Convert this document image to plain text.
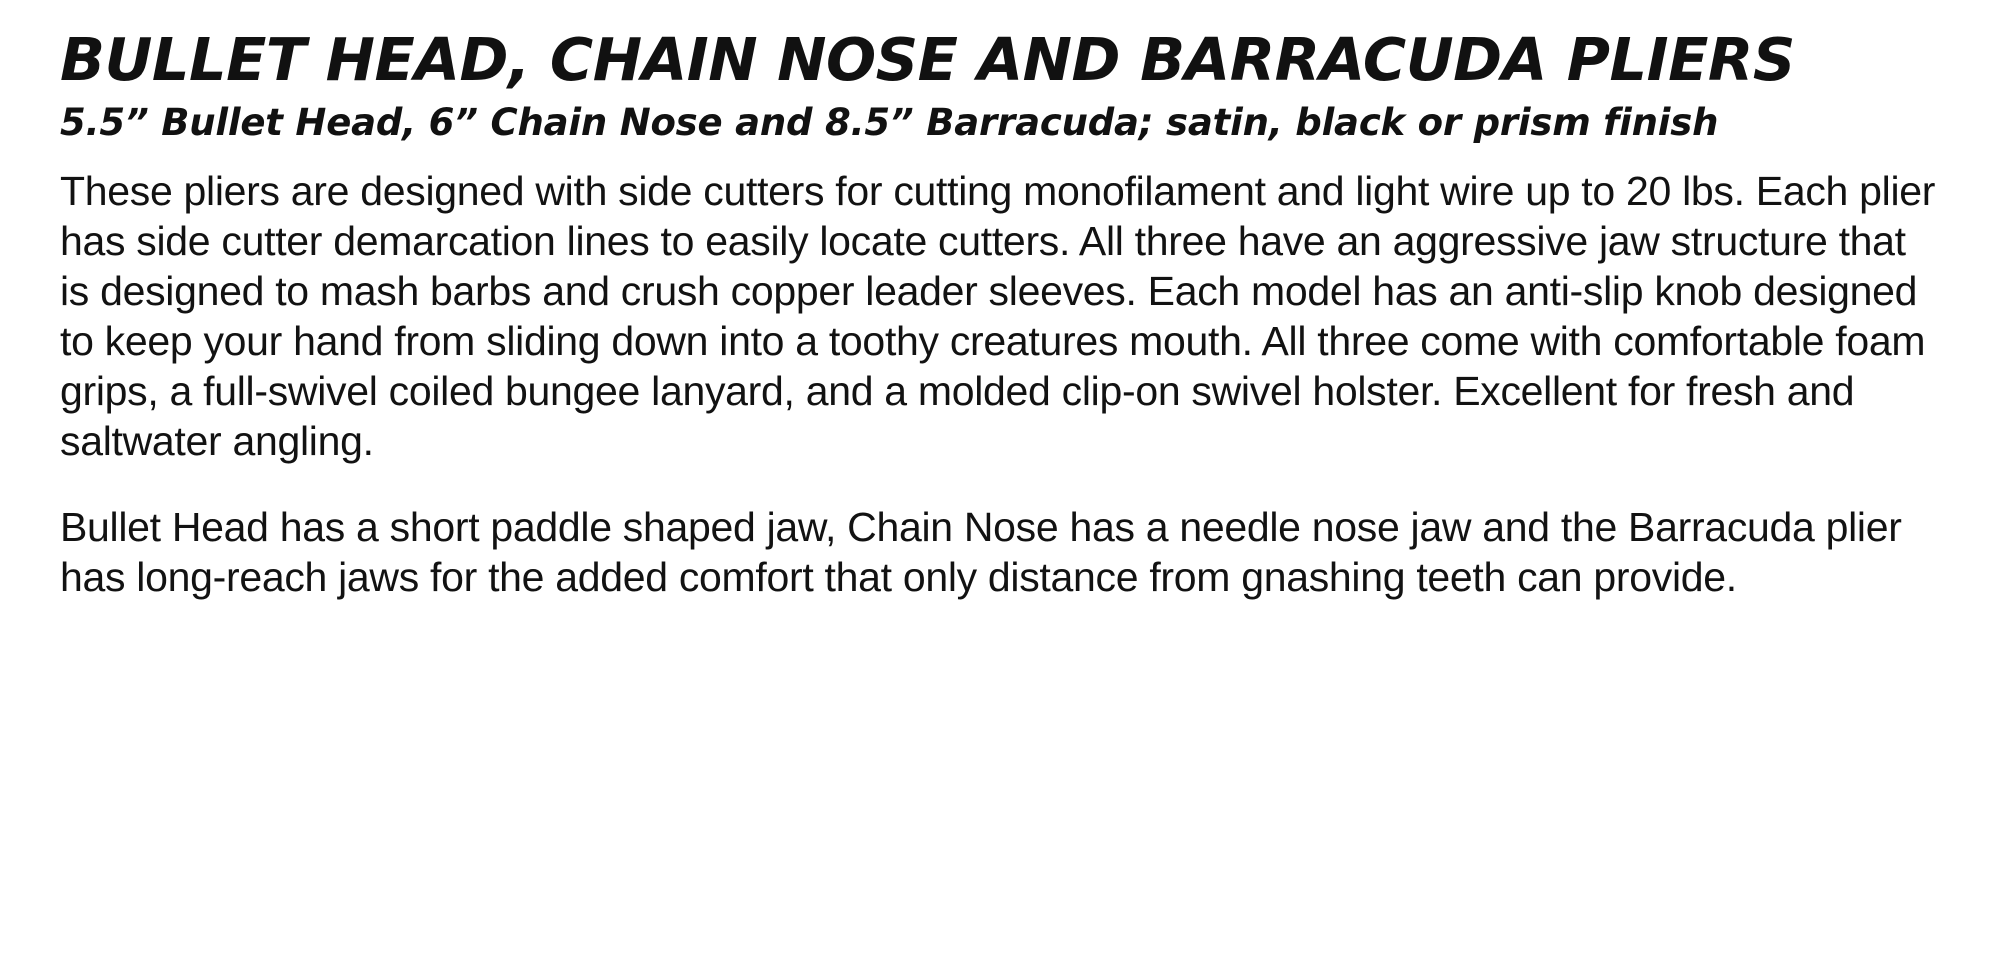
BULLET HEAD, CHAIN NOSE AND BARRACUDA PLIERS
5.5” Bullet Head, 6” Chain Nose and 8.5” Barracuda; satin, black or prism finish

These pliers are designed with side cutters for cutting monofilament and light wire up to 20 lbs. Each plier has side cutter demarcation lines to easily locate cutters. All three have an aggressive jaw structure that is designed to mash barbs and crush copper leader sleeves. Each model has an anti-slip knob designed to keep your hand from sliding down into a toothy creatures mouth. All three come with comfortable foam grips, a full-swivel coiled bungee lanyard, and a molded clip-on swivel holster. Excellent for fresh and saltwater angling.

Bullet Head has a short paddle shaped jaw, Chain Nose has a needle nose jaw and the Barracuda plier has long-reach jaws for the added comfort that only distance from gnashing teeth can provide.
